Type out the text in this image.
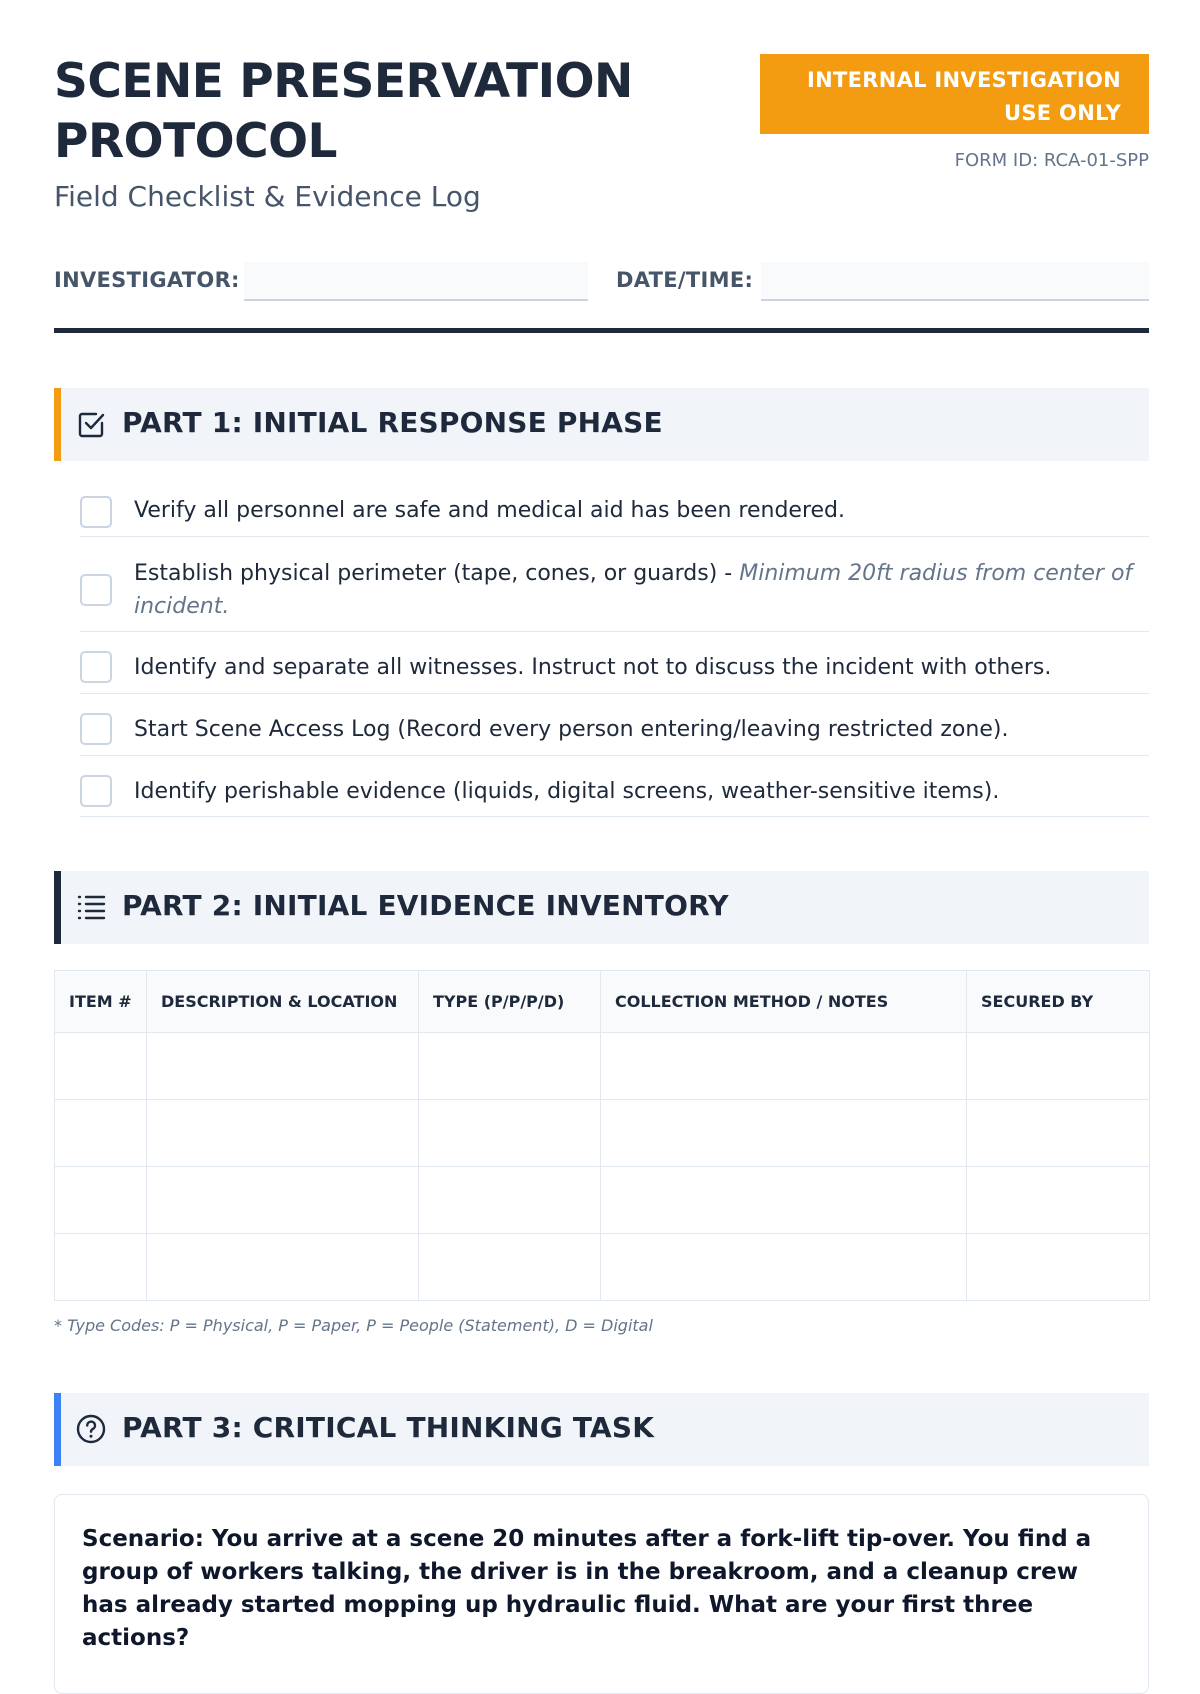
SCENE PRESERVATION PROTOCOL
Field Checklist & Evidence Log
INTERNAL INVESTIGATION USE ONLY
FORM ID: RCA-01-SPP
INVESTIGATOR:	DATE/TIME:
PART 1: INITIAL RESPONSE PHASE
Verify all personnel are safe and medical aid has been rendered.
Establish physical perimeter (tape, cones, or guards) - Minimum 20ft radius from center of incident.
Identify and separate all witnesses. Instruct not to discuss the incident with others.
Start Scene Access Log (Record every person entering/leaving restricted zone).
Identify perishable evidence (liquids, digital screens, weather-sensitive items).
PART 2: INITIAL EVIDENCE INVENTORY
ITEM #	DESCRIPTION & LOCATION	TYPE (P/P/P/D)	COLLECTION METHOD / NOTES	SECURED BY

* Type Codes: P = Physical, P = Paper, P = People (Statement), D = Digital
PART 3: CRITICAL THINKING TASK
Scenario: You arrive at a scene 20 minutes after a fork-lift tip-over. You find a group of workers talking, the driver is in the breakroom, and a cleanup crew has already started mopping up hydraulic fluid. What are your first three actions?
